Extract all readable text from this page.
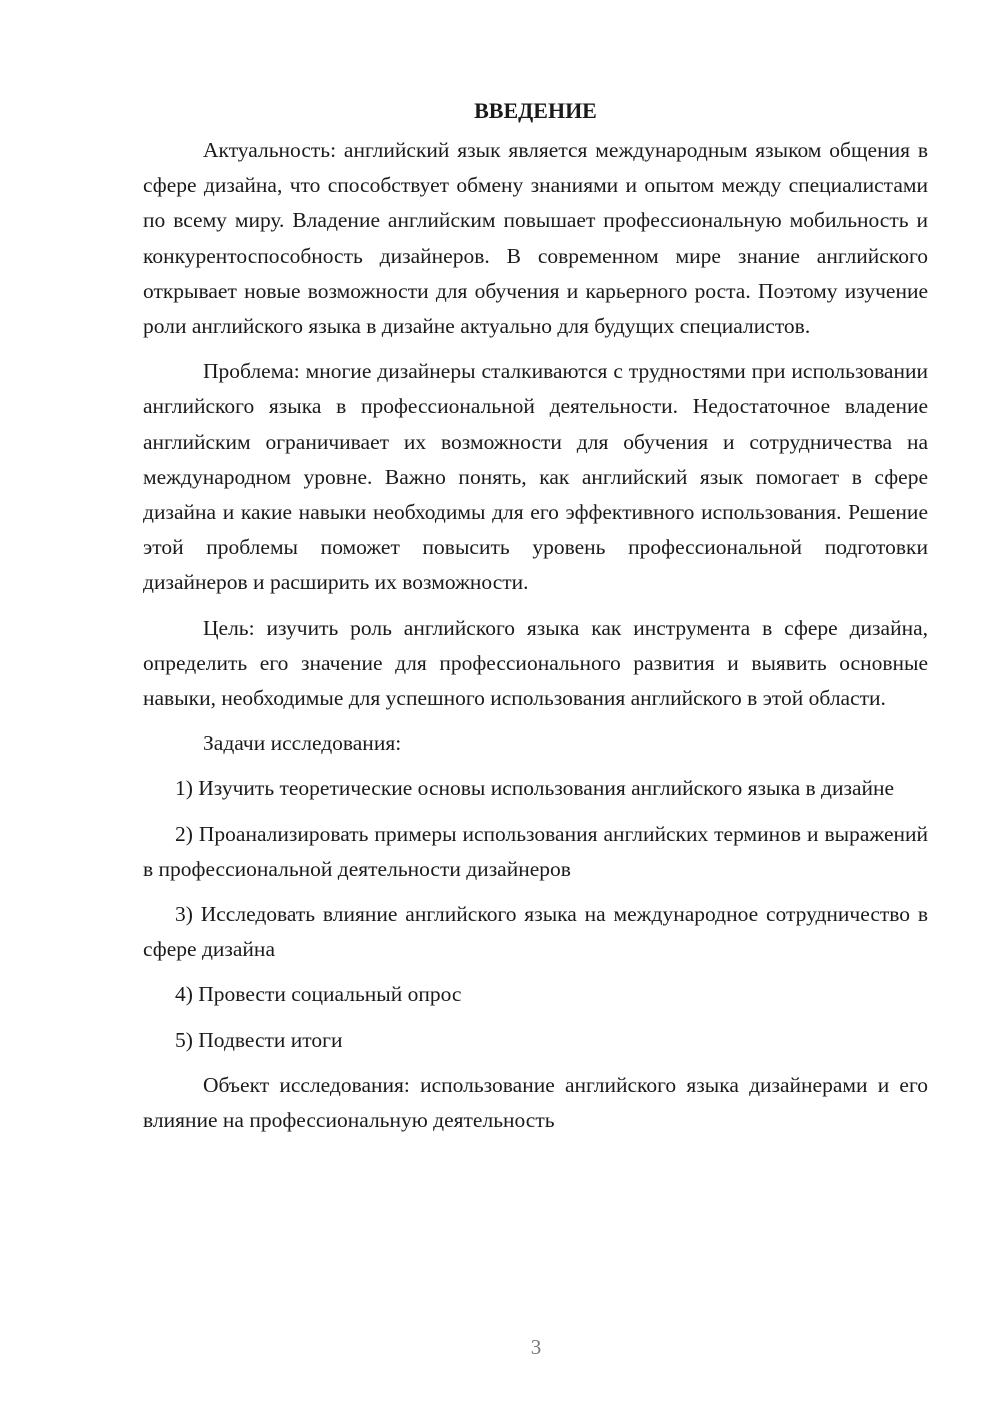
ВВЕДЕНИЕ

Актуальность: английский язык является международным языком общения в сфере дизайна, что способствует обмену знаниями и опытом между специалистами по всему миру. Владение английским повышает профессиональную мобильность и конкурентоспособность дизайнеров. В современном мире знание английского открывает новые возможности для обучения и карьерного роста. Поэтому изучение роли английского языка в дизайне актуально для будущих специалистов.

Проблема: многие дизайнеры сталкиваются с трудностями при использовании английского языка в профессиональной деятельности. Недостаточное владение английским ограничивает их возможности для обучения и сотрудничества на международном уровне. Важно понять, как английский язык помогает в сфере дизайна и какие навыки необходимы для его эффективного использования. Решение этой проблемы поможет повысить уровень профессиональной подготовки дизайнеров и расширить их возможности.

Цель: изучить роль английского языка как инструмента в сфере дизайна, определить его значение для профессионального развития и выявить основные навыки, необходимые для успешного использования английского в этой области.

Задачи исследования:

1) Изучить теоретические основы использования английского языка в дизайне

2) Проанализировать примеры использования английских терминов и выражений в профессиональной деятельности дизайнеров

3) Исследовать влияние английского языка на международное сотрудничество в сфере дизайна

4) Провести социальный опрос

5) Подвести итоги

Объект исследования: использование английского языка дизайнерами и его влияние на профессиональную деятельность

3
